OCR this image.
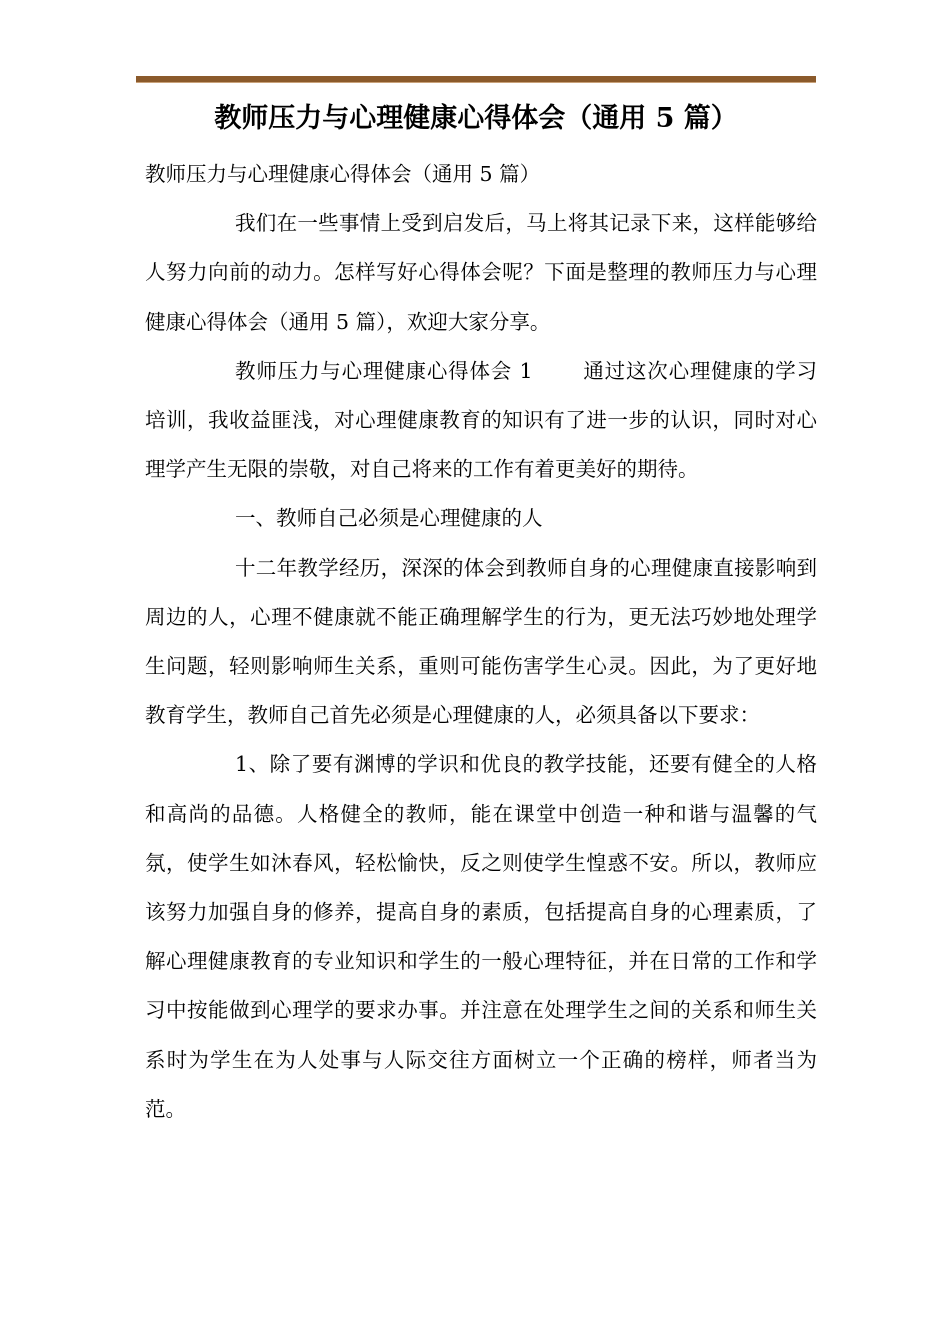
教师压力与心理健康心得体会（通用 5 篇）

教师压力与心理健康心得体会（通用 5 篇）

我们在一些事情上受到启发后，马上将其记录下来，这样能够给人努力向前的动力。怎样写好心得体会呢？下面是整理的教师压力与心理健康心得体会（通用 5 篇），欢迎大家分享。

教师压力与心理健康心得体会 1 通过这次心理健康的学习培训，我收益匪浅，对心理健康教育的知识有了进一步的认识，同时对心理学产生无限的崇敬，对自己将来的工作有着更美好的期待。

一、教师自己必须是心理健康的人

十二年教学经历，深深的体会到教师自身的心理健康直接影响到周边的人，心理不健康就不能正确理解学生的行为，更无法巧妙地处理学生问题，轻则影响师生关系，重则可能伤害学生心灵。因此，为了更好地教育学生，教师自己首先必须是心理健康的人，必须具备以下要求：

1、除了要有渊博的学识和优良的教学技能，还要有健全的人格和高尚的品德。人格健全的教师，能在课堂中创造一种和谐与温馨的气氛，使学生如沐春风，轻松愉快，反之则使学生惶惑不安。所以，教师应该努力加强自身的修养，提高自身的素质，包括提高自身的心理素质，了解心理健康教育的专业知识和学生的一般心理特征，并在日常的工作和学习中按能做到心理学的要求办事。并注意在处理学生之间的关系和师生关系时为学生在为人处事与人际交往方面树立一个正确的榜样，师者当为范。
